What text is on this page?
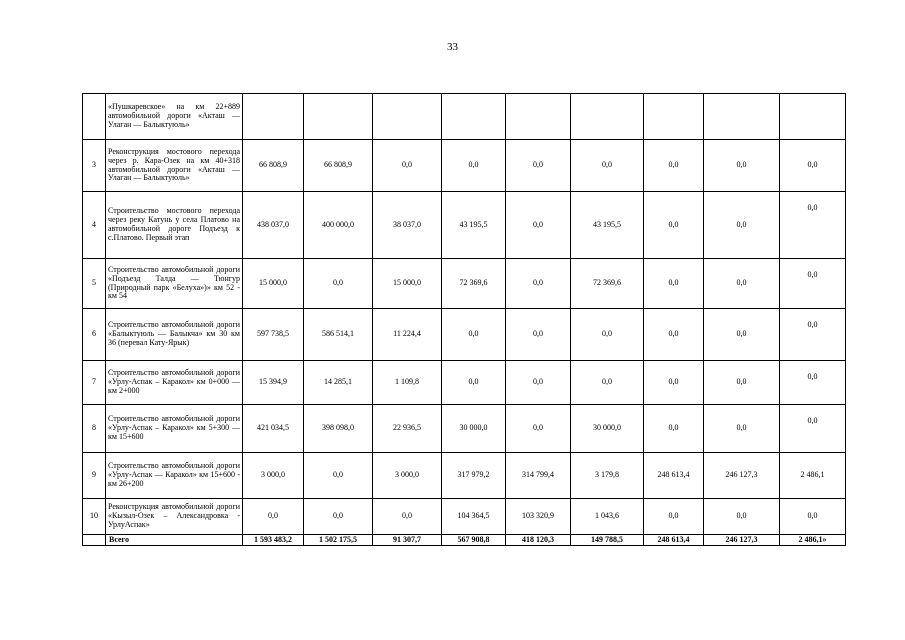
33
	«Пушкаревское» на км 22+889 автомобильной дороги «Акташ — Улаган — Балыктуюль»									
3	Реконструкция мостового перехода через р. Кара-Озек на км 40+318 автомобильной дороги «Акташ — Улаган — Балыктуюль»	66 808,9	66 808,9	0,0	0,0	0,0	0,0	0,0	0,0	0,0
4	Строительство мостового перехода через реку Катунь у села Платово на автомобильной дороге Подъезд к с.Платово. Первый этап	438 037,0	400 000,0	38 037,0	43 195,5	0,0	43 195,5	0,0	0,0	0,0
5	Строительство автомобильной дороги «Подъезд Талда — Тюнгур (Природный парк «Белуха»)» км 52 - км 54	15 000,0	0,0	15 000,0	72 369,6	0,0	72 369,6	0,0	0,0	0,0
6	Строительство автомобильной дороги «Балыктуюль — Балыкча» км 30 км 36 (перевал Кату-Ярык)	597 738,5	586 514,1	11 224,4	0,0	0,0	0,0	0,0	0,0	0,0
7	Строительство автомобильной дороги «Урлу-Аспак – Каракол» км 0+000 — км 2+000	15 394,9	14 285,1	1 109,8	0,0	0,0	0,0	0,0	0,0	0,0
8	Строительство автомобильной дороги «Урлу-Аспак – Каракол» км 5+300 — км 15+600	421 034,5	398 098,0	22 936,5	30 000,0	0,0	30 000,0	0,0	0,0	0,0
9	Строительство автомобильной дороги «Урлу-Аспак — Каракол» км 15+600 - км 26+200	3 000,0	0,0	3 000,0	317 979,2	314 799,4	3 179,8	248 613,4	246 127,3	2 486,1
10	Реконструкция автомобильной дороги «Кызыл-Озек – Александровка - УрлуАспак»	0,0	0,0	0,0	104 364,5	103 320,9	1 043,6	0,0	0,0	0,0
	Всего	1 593 483,2	1 502 175,5	91 307,7	567 908,8	418 120,3	149 788,5	248 613,4	246 127,3	2 486,1»
